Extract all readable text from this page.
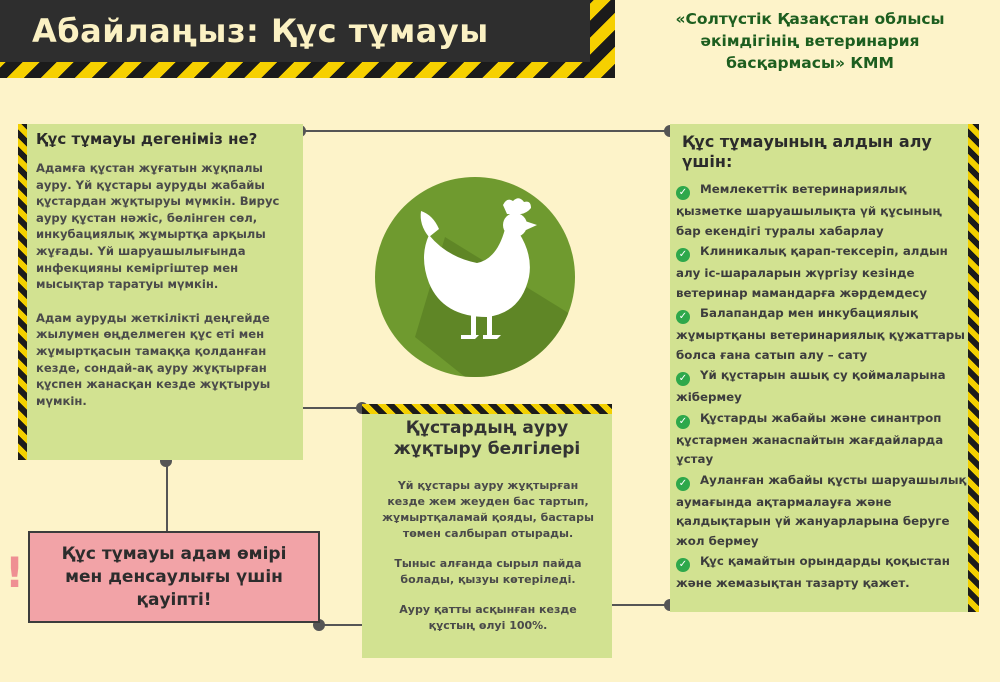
Абайлаңыз: Құс тұмауы	«Солтүстік Қазақстан облысы әкімдігінің ветеринария басқармасы» КММ
Құс тұмауы дегеніміз не?

Адамға құстан жұғатын жұқпалы ауру. Үй құстары ауруды жабайы құстардан жұқтыруы мүмкін. Вирус ауру құстан нәжіс, бөлінген сөл, инкубациялық жұмыртқа арқылы жұғады. Үй шаруашылығында инфекцияны кеміргіштер мен мысықтар таратуы мүмкін.

Адам ауруды жеткілікті деңгейде жылумен өңделмеген құс еті мен жұмыртқасын тамаққа қолданған кезде, сондай-ақ ауру жұқтырған құспен жанасқан кезде жұқтыруы мүмкін.

Құс тұмауының алдын алу үшін:
✓ Мемлекеттік ветеринариялық қызметке шаруашылықта үй құсының бар екендігі туралы хабарлау
✓ Клиникалық қарап-тексеріп, алдын алу іс-шараларын жүргізу кезінде ветеринар мамандарға жәрдемдесу
✓ Балапандар мен инкубациялық жұмыртқаны ветеринариялық құжаттары болса ғана сатып алу – сату
✓ Үй құстарын ашық су қоймаларына жібермеу
✓ Құстарды жабайы және синантроп құстармен жанаспайтын жағдайларда ұстау
✓ Ауланған жабайы құсты шаруашылық аумағында ақтармалауға және қалдықтарын үй жануарларына беруге жол бермеу
✓ Құс қамайтын орындарды қоқыстан және жемазықтан тазарту қажет.
Құстардың ауру жұқтыру белгілері

Үй құстары ауру жұқтырған кезде жем жеуден бас тартып, жұмыртқаламай қояды, бастары төмен салбырап отырады.

Тыныс алғанда сырыл пайда болады, қызуы көтеріледі.

Ауру қатты асқынған кезде құстың өлуі 100%.

!	Құс тұмауы адам өмірі мен денсаулығы үшін қауіпті!
